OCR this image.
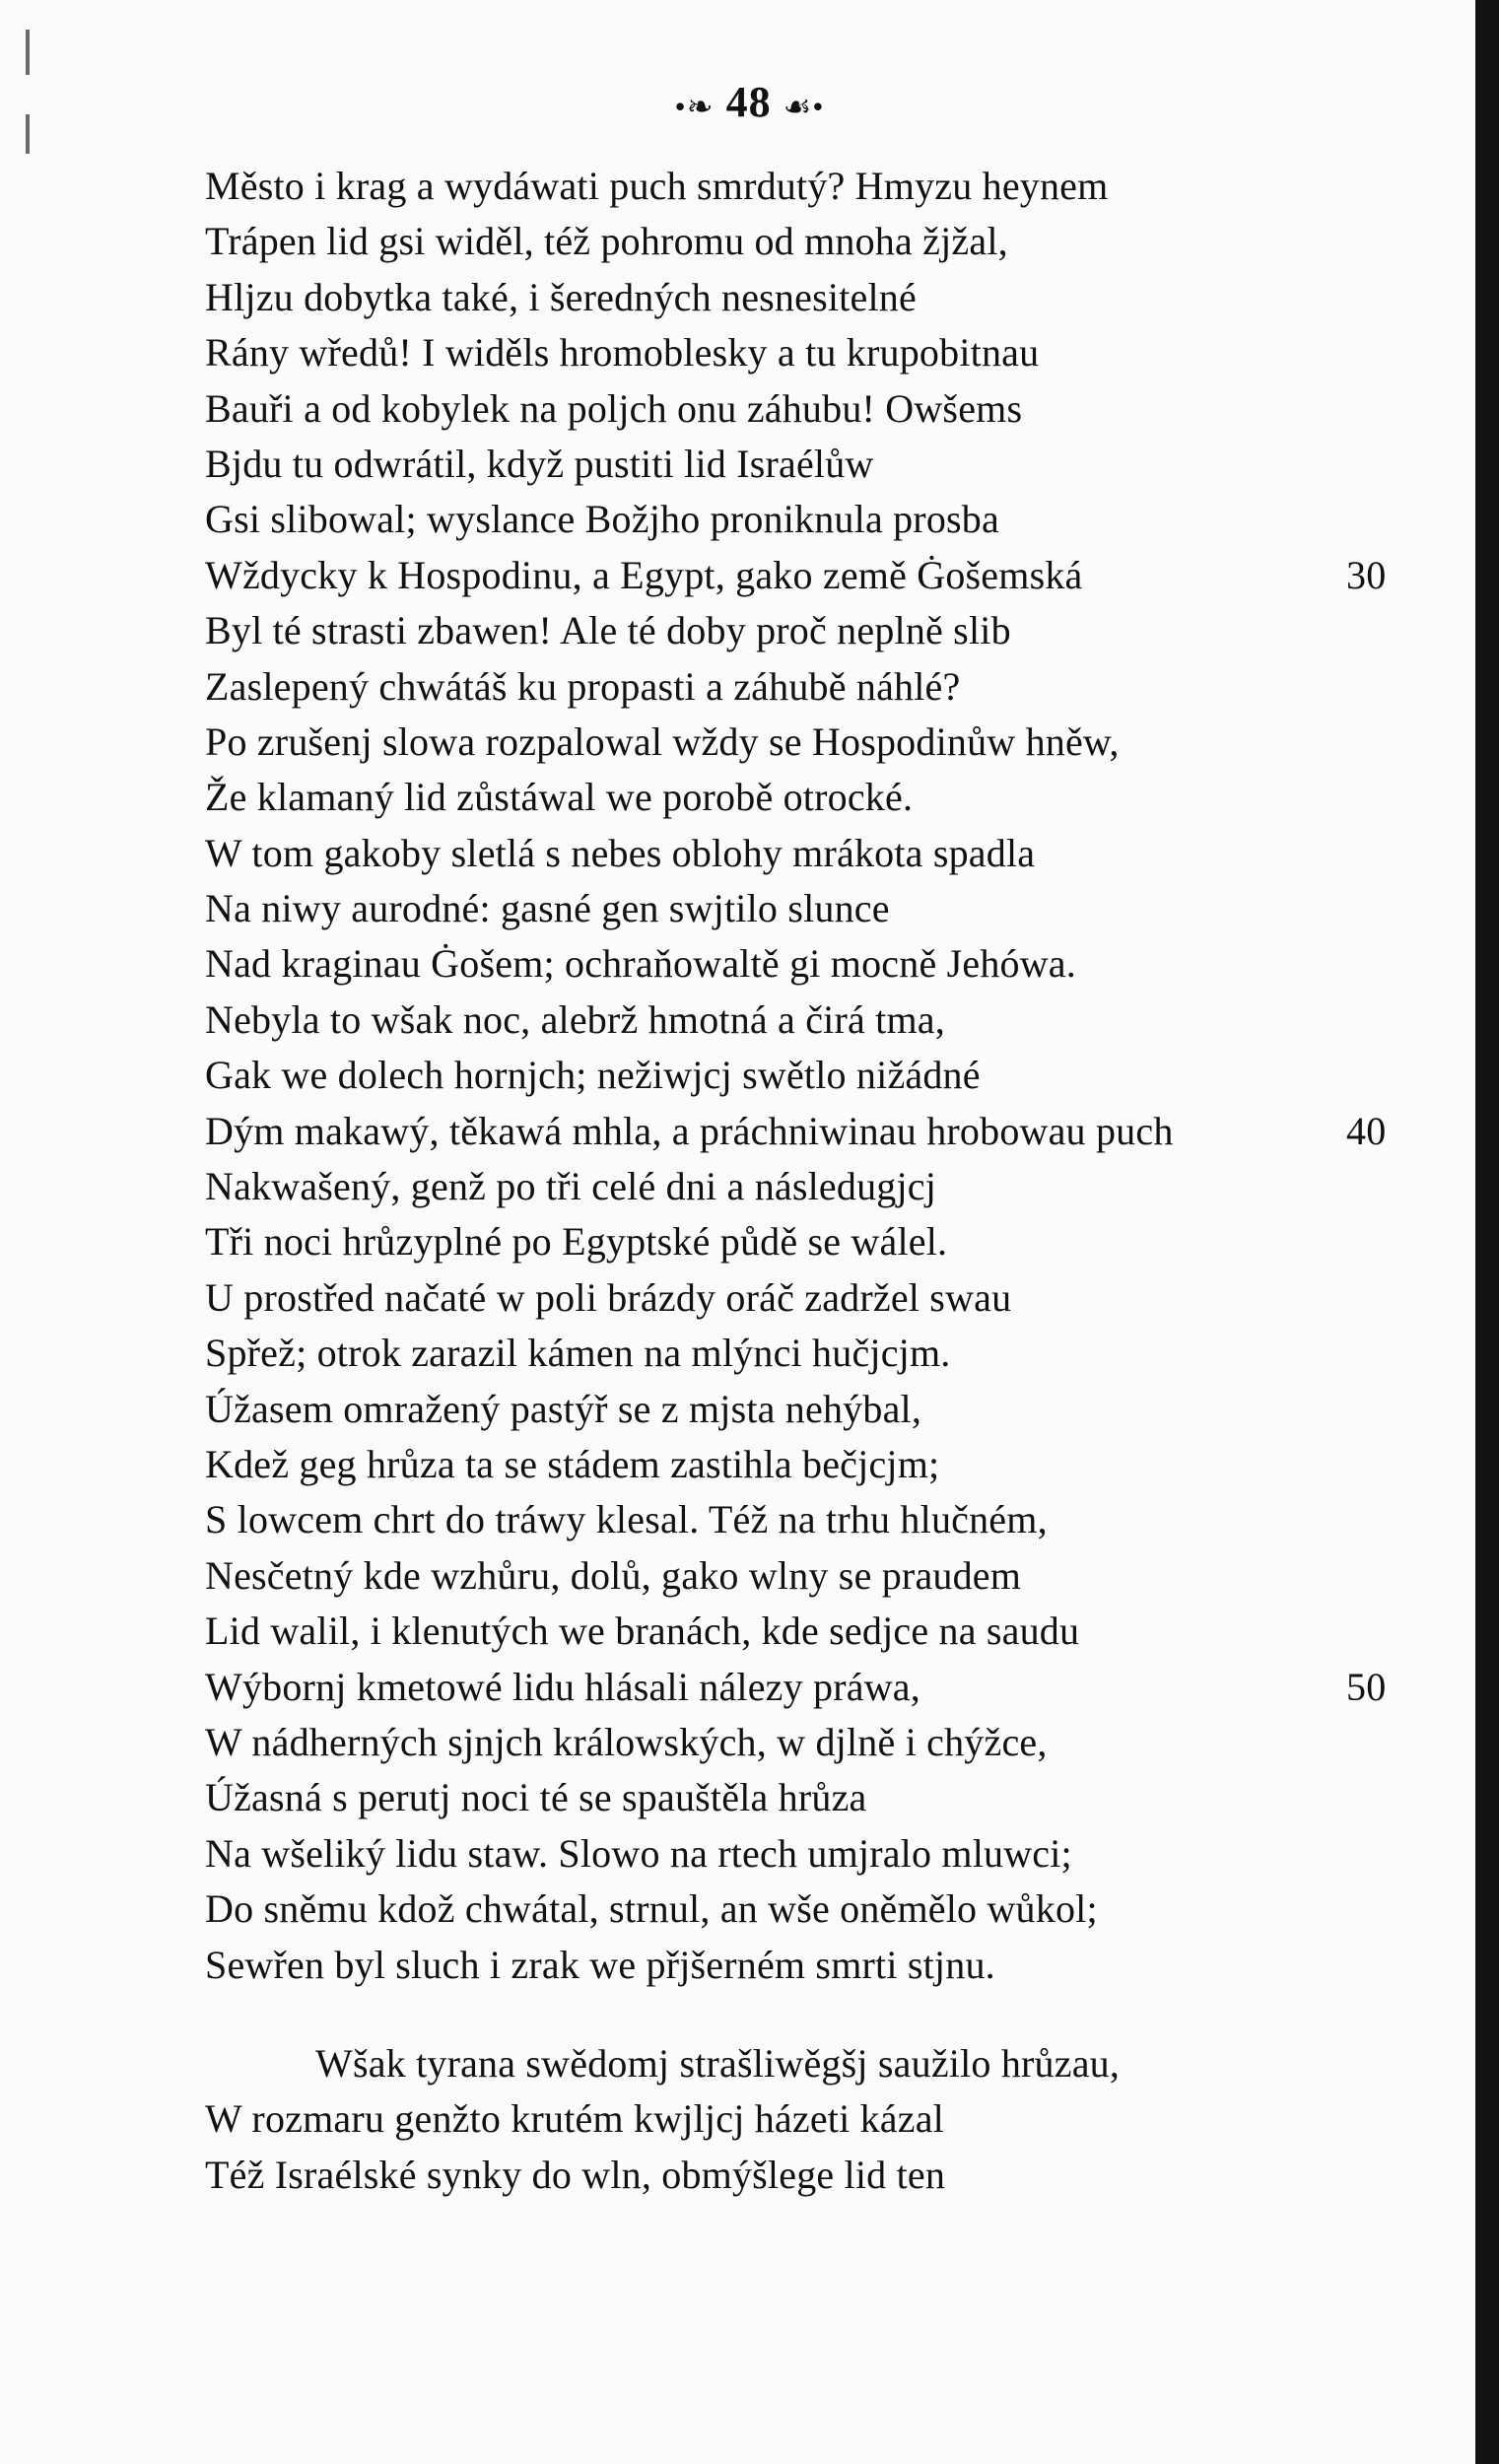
•❧ 48 ☙•
Město i krag a wydáwati puch smrdutý? Hmyzu heynem
Trápen lid gsi widěl, též pohromu od mnoha žjžal,
Hljzu dobytka také, i šeredných nesnesitelné
Rány wředů! I widěls hromoblesky a tu krupobitnau
Bauři a od kobylek na poljch onu záhubu! Owšems
Bjdu tu odwrátil, když pustiti lid Israélůw
Gsi slibowal; wyslance Božjho proniknula prosba
Wždycky k Hospodinu, a Egypt, gako země Ġošemská	30
Byl té strasti zbawen! Ale té doby proč neplně slib
Zaslepený chwátáš ku propasti a záhubě náhlé?
Po zrušenj slowa rozpalowal wždy se Hospodinůw hněw,
Že klamaný lid zůstáwal we porobě otrocké.
W tom gakoby sletlá s nebes oblohy mrákota spadla
Na niwy aurodné: gasné gen swjtilo slunce
Nad kraginau Ġošem; ochraňowaltě gi mocně Jehówa.
Nebyla to wšak noc, alebrž hmotná a čirá tma,
Gak we dolech hornjch; nežiwjcj swětlo nižádné
Dým makawý, těkawá mhla, a práchniwinau hrobowau puch	40
Nakwašený, genž po tři celé dni a následugjcj
Tři noci hrůzyplné po Egyptské půdě se wálel.
U prostřed načaté w poli brázdy oráč zadržel swau
Spřež; otrok zarazil kámen na mlýnci hučjcjm.
Úžasem omražený pastýř se z mjsta nehýbal,
Kdež geg hrůza ta se stádem zastihla bečjcjm;
S lowcem chrt do tráwy klesal. Též na trhu hlučném,
Nesčetný kde wzhůru, dolů, gako wlny se praudem
Lid walil, i klenutých we branách, kde sedjce na saudu
Wýbornj kmetowé lidu hlásali nálezy práwa,	50
W nádherných sjnjch králowských, w djlně i chýžce,
Úžasná s perutj noci té se spauštěla hrůza
Na wšeliký lidu staw. Slowo na rtech umjralo mluwci;
Do sněmu kdož chwátal, strnul, an wše oněmělo wůkol;
Sewřen byl sluch i zrak we přjšerném smrti stjnu.
Wšak tyrana swědomj strašliwěgšj saužilo hrůzau,
W rozmaru genžto krutém kwjljcj házeti kázal
Též Israélské synky do wln, obmýšlege lid ten
